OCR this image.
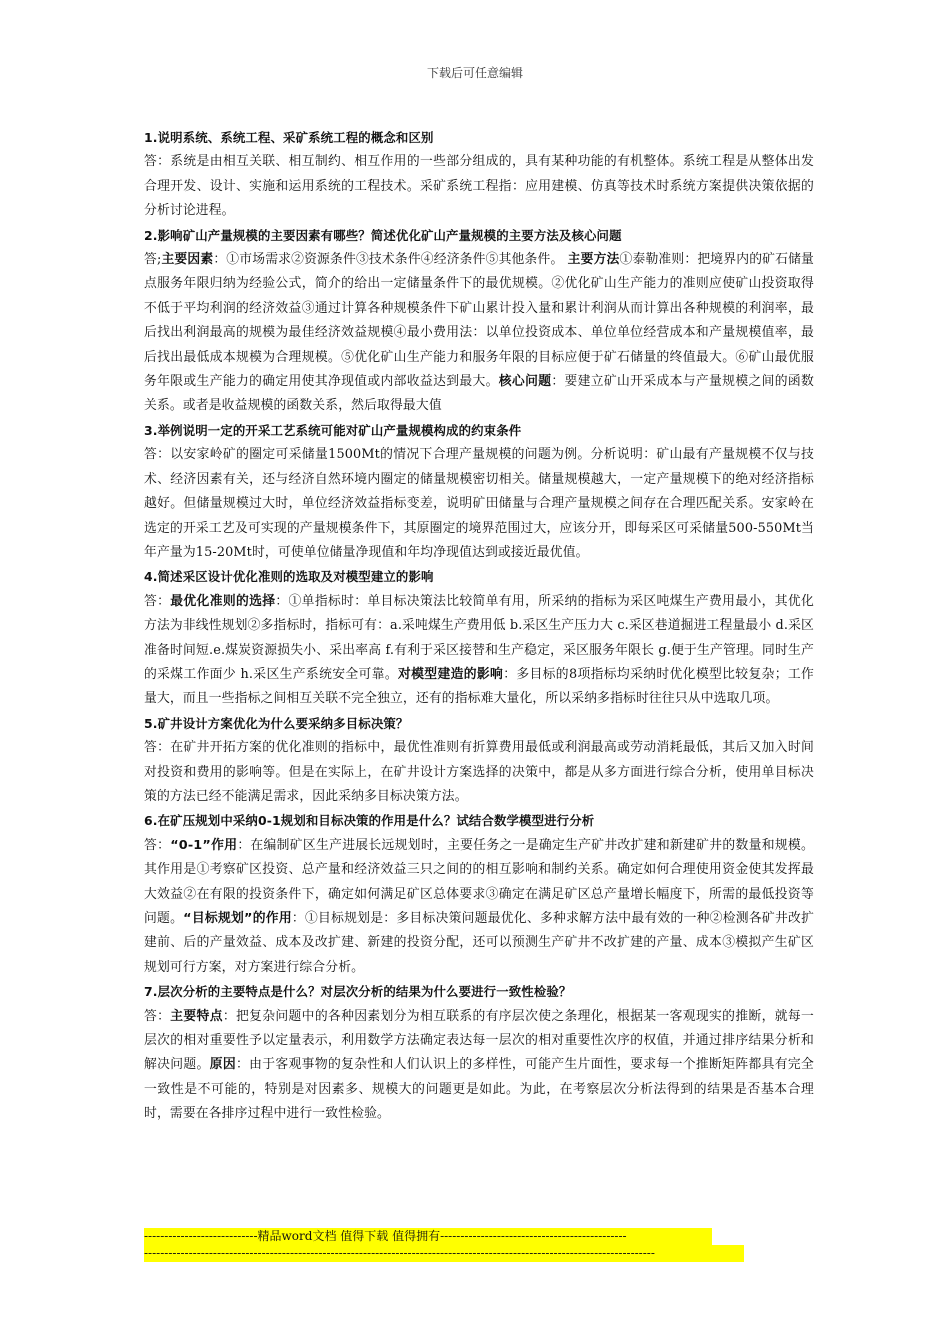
下载后可任意编辑
1.说明系统、系统工程、采矿系统工程的概念和区别
答：系统是由相互关联、相互制约、相互作用的一些部分组成的，具有某种功能的有机整体。系统工程是从整体出发合理开发、设计、实施和运用系统的工程技术。采矿系统工程指：应用建模、仿真等技术时系统方案提供决策依据的分析讨论进程。
2.影响矿山产量规模的主要因素有哪些？简述优化矿山产量规模的主要方法及核心问题
答;主要因素：①市场需求②资源条件③技术条件④经济条件⑤其他条件。 主要方法①泰勒准则：把境界内的矿石储量点服务年限归纳为经验公式，简介的给出一定储量条件下的最优规模。②优化矿山生产能力的准则应使矿山投资取得不低于平均利润的经济效益③通过计算各种规模条件下矿山累计投入量和累计利润从而计算出各种规模的利润率，最后找出利润最高的规模为最佳经济效益规模④最小费用法：以单位投资成本、单位单位经营成本和产量规模值率，最后找出最低成本规模为合理规模。⑤优化矿山生产能力和服务年限的目标应便于矿石储量的终值最大。⑥矿山最优服务年限或生产能力的确定用使其净现值或内部收益达到最大。核心问题：要建立矿山开采成本与产量规模之间的函数关系。或者是收益规模的函数关系，然后取得最大值
3.举例说明一定的开采工艺系统可能对矿山产量规模构成的约束条件
答：以安家岭矿的圈定可采储量1500Mt的情况下合理产量规模的问题为例。分析说明：矿山最有产量规模不仅与技术、经济因素有关，还与经济自然环境内圈定的储量规模密切相关。储量规模越大，一定产量规模下的绝对经济指标越好。但储量规模过大时，单位经济效益指标变差，说明矿田储量与合理产量规模之间存在合理匹配关系。安家岭在选定的开采工艺及可实现的产量规模条件下，其原圈定的境界范围过大，应该分开，即每采区可采储量500-550Mt当年产量为15-20Mt时，可使单位储量净现值和年均净现值达到或接近最优值。
4.简述采区设计优化准则的选取及对模型建立的影响
答：最优化准则的选择：①单指标时：单目标决策法比较简单有用，所采纳的指标为采区吨煤生产费用最小，其优化方法为非线性规划②多指标时，指标可有：a.采吨煤生产费用低 b.采区生产压力大 c.采区巷道掘进工程量最小 d.采区准备时间短.e.煤炭资源损失小、采出率高 f.有利于采区接替和生产稳定，采区服务年限长 g.便于生产管理。同时生产的采煤工作面少 h.采区生产系统安全可靠。对模型建造的影响：多目标的8项指标均采纳时优化模型比较复杂；工作量大，而且一些指标之间相互关联不完全独立，还有的指标难大量化，所以采纳多指标时往往只从中选取几项。
5.矿井设计方案优化为什么要采纳多目标决策？
答：在矿井开拓方案的优化准则的指标中，最优性准则有折算费用最低或利润最高或劳动消耗最低，其后又加入时间对投资和费用的影响等。但是在实际上，在矿井设计方案选择的决策中，都是从多方面进行综合分析，使用单目标决策的方法已经不能满足需求，因此采纳多目标决策方法。
6.在矿压规划中采纳0-1规划和目标决策的作用是什么？试结合数学模型进行分析
答：“0-1”作用：在编制矿区生产进展长远规划时，主要任务之一是确定生产矿井改扩建和新建矿井的数量和规模。其作用是①考察矿区投资、总产量和经济效益三只之间的的相互影响和制约关系。确定如何合理使用资金使其发挥最大效益②在有限的投资条件下，确定如何满足矿区总体要求③确定在满足矿区总产量增长幅度下，所需的最低投资等问题。“目标规划”的作用：①目标规划是：多目标决策问题最优化、多种求解方法中最有效的一种②检测各矿井改扩建前、后的产量效益、成本及改扩建、新建的投资分配，还可以预测生产矿井不改扩建的产量、成本③模拟产生矿区规划可行方案，对方案进行综合分析。
7.层次分析的主要特点是什么？对层次分析的结果为什么要进行一致性检验？
答：主要特点：把复杂问题中的各种因素划分为相互联系的有序层次使之条理化，根据某一客观现实的推断，就每一层次的相对重要性予以定量表示，利用数学方法确定表达每一层次的相对重要性次序的权值，并通过排序结果分析和解决问题。原因：由于客观事物的复杂性和人们认识上的多样性，可能产生片面性，要求每一个推断矩阵都具有完全一致性是不可能的，特别是对因素多、规模大的问题更是如此。为此，在考察层次分析法得到的结果是否基本合理时，需要在各排序过程中进行一致性检验。
----------------------------精品word文档 值得下载 值得拥有----------------------------------------------
------------------------------------------------------------------------------------------------------------------------------
